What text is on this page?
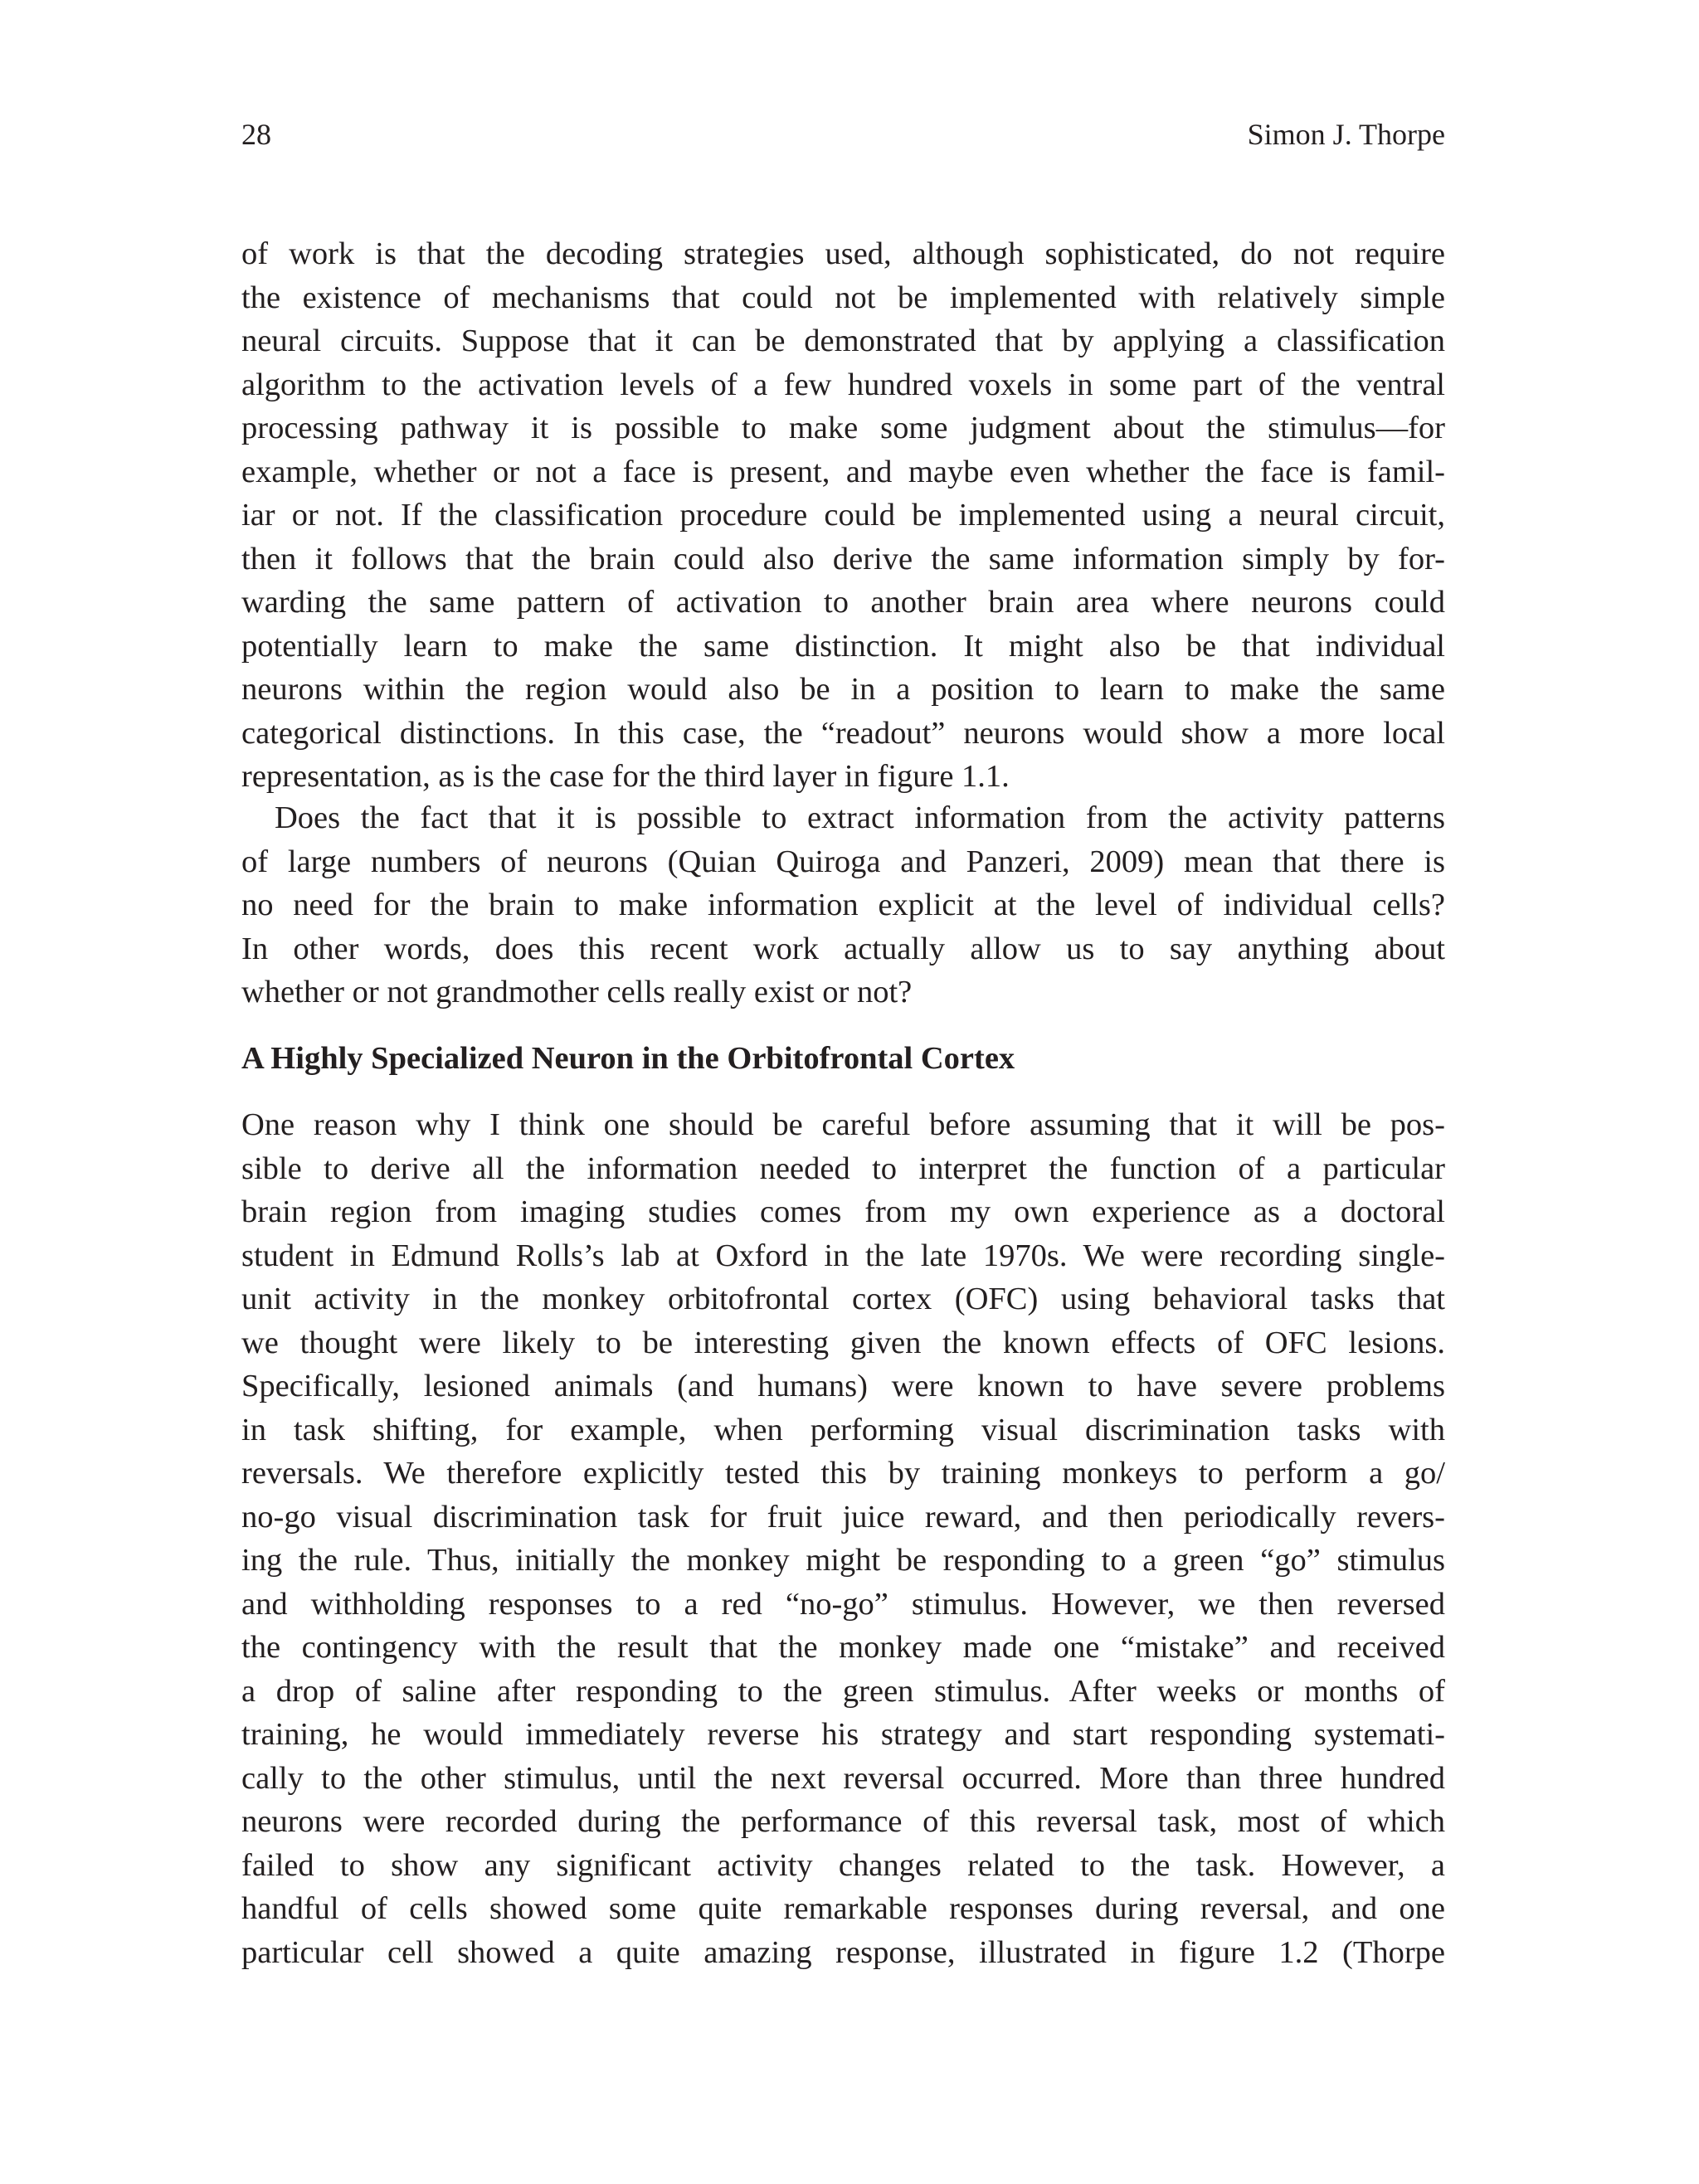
28	Simon J. Thorpe

of work is that the decoding strategies used, although sophisticated, do not require
the existence of mechanisms that could not be implemented with relatively simple
neural circuits. Suppose that it can be demonstrated that by applying a classification
algorithm to the activation levels of a few hundred voxels in some part of the ventral
processing pathway it is possible to make some judgment about the stimulus—for
example, whether or not a face is present, and maybe even whether the face is famil-
iar or not. If the classification procedure could be implemented using a neural circuit,
then it follows that the brain could also derive the same information simply by for-
warding the same pattern of activation to another brain area where neurons could
potentially learn to make the same distinction. It might also be that individual
neurons within the region would also be in a position to learn to make the same
categorical distinctions. In this case, the “readout” neurons would show a more local
representation, as is the case for the third layer in figure 1.1.

Does the fact that it is possible to extract information from the activity patterns
of large numbers of neurons (Quian Quiroga and Panzeri, 2009) mean that there is
no need for the brain to make information explicit at the level of individual cells?
In other words, does this recent work actually allow us to say anything about
whether or not grandmother cells really exist or not?

A Highly Specialized Neuron in the Orbitofrontal Cortex

One reason why I think one should be careful before assuming that it will be pos-
sible to derive all the information needed to interpret the function of a particular
brain region from imaging studies comes from my own experience as a doctoral
student in Edmund Rolls’s lab at Oxford in the late 1970s. We were recording single-
unit activity in the monkey orbitofrontal cortex (OFC) using behavioral tasks that
we thought were likely to be interesting given the known effects of OFC lesions.
Specifically, lesioned animals (and humans) were known to have severe problems
in task shifting, for example, when performing visual discrimination tasks with
reversals. We therefore explicitly tested this by training monkeys to perform a go/
no-go visual discrimination task for fruit juice reward, and then periodically revers-
ing the rule. Thus, initially the monkey might be responding to a green “go” stimulus
and withholding responses to a red “no-go” stimulus. However, we then reversed
the contingency with the result that the monkey made one “mistake” and received
a drop of saline after responding to the green stimulus. After weeks or months of
training, he would immediately reverse his strategy and start responding systemati-
cally to the other stimulus, until the next reversal occurred. More than three hundred
neurons were recorded during the performance of this reversal task, most of which
failed to show any significant activity changes related to the task. However, a
handful of cells showed some quite remarkable responses during reversal, and one
particular cell showed a quite amazing response, illustrated in figure 1.2 (Thorpe
